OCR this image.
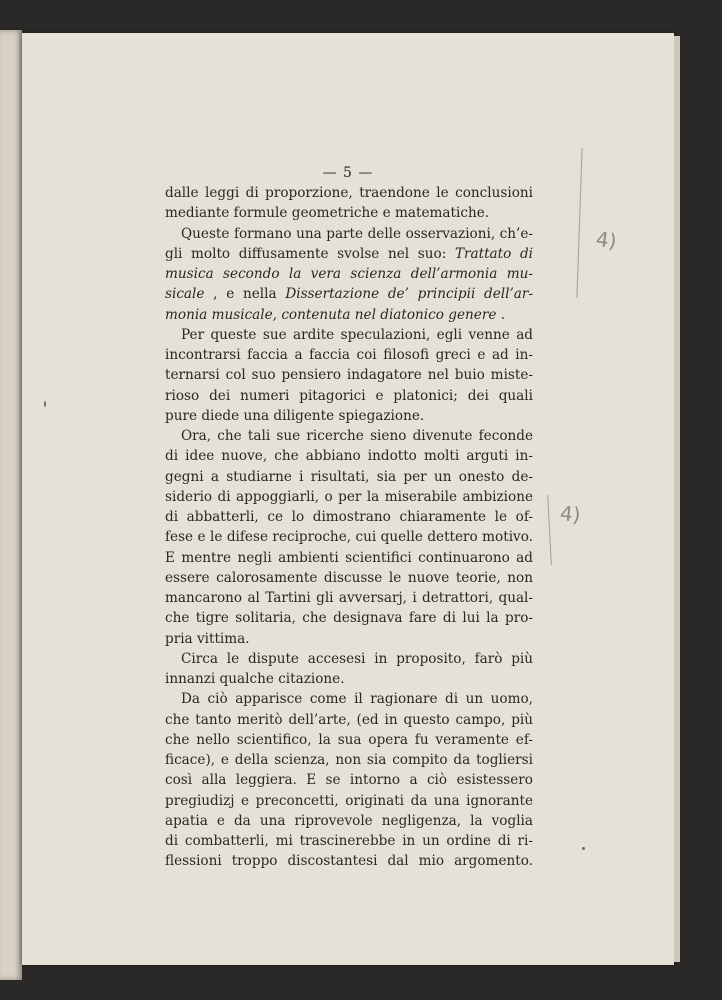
— 5 —
dalle leggi di proporzione, traendone le conclusioni
mediante formule geometriche e matematiche.
Queste formano una parte delle osservazioni, ch’e-
gli molto diffusamente svolse nel suo: Trattato di
musica secondo la vera scienza dell’armonia mu-
sicale , e nella Dissertazione de’ principii dell’ar-
monia musicale, contenuta nel diatonico genere .
Per queste sue ardite speculazioni, egli venne ad
incontrarsi faccia a faccia coi filosofi greci e ad in-
ternarsi col suo pensiero indagatore nel buio miste-
rioso dei numeri pitagorici e platonici; dei quali
pure diede una diligente spiegazione.
Ora, che tali sue ricerche sieno divenute feconde
di idee nuove, che abbiano indotto molti arguti in-
gegni a studiarne i risultati, sia per un onesto de-
siderio di appoggiarli, o per la miserabile ambizione
di abbatterli, ce lo dimostrano chiaramente le of-
fese e le difese reciproche, cui quelle dettero motivo.
E mentre negli ambienti scientifici continuarono ad
essere calorosamente discusse le nuove teorie, non
mancarono al Tartini gli avversarj, i detrattori, qual-
che tigre solitaria, che designava fare di lui la pro-
pria vittima.
Circa le dispute accesesi in proposito, farò più
innanzi qualche citazione.
Da ciò apparisce come il ragionare di un uomo,
che tanto meritò dell’arte, (ed in questo campo, più
che nello scientifico, la sua opera fu veramente ef-
ficace), e della scienza, non sia compito da togliersi
così alla leggiera. E se intorno a ciò esistessero
pregiudizj e preconcetti, originati da una ignorante
apatia e da una riprovevole negligenza, la voglia
di combatterli, mi trascinerebbe in un ordine di ri-
flessioni troppo discostantesi dal mio argomento.
4)
4)
